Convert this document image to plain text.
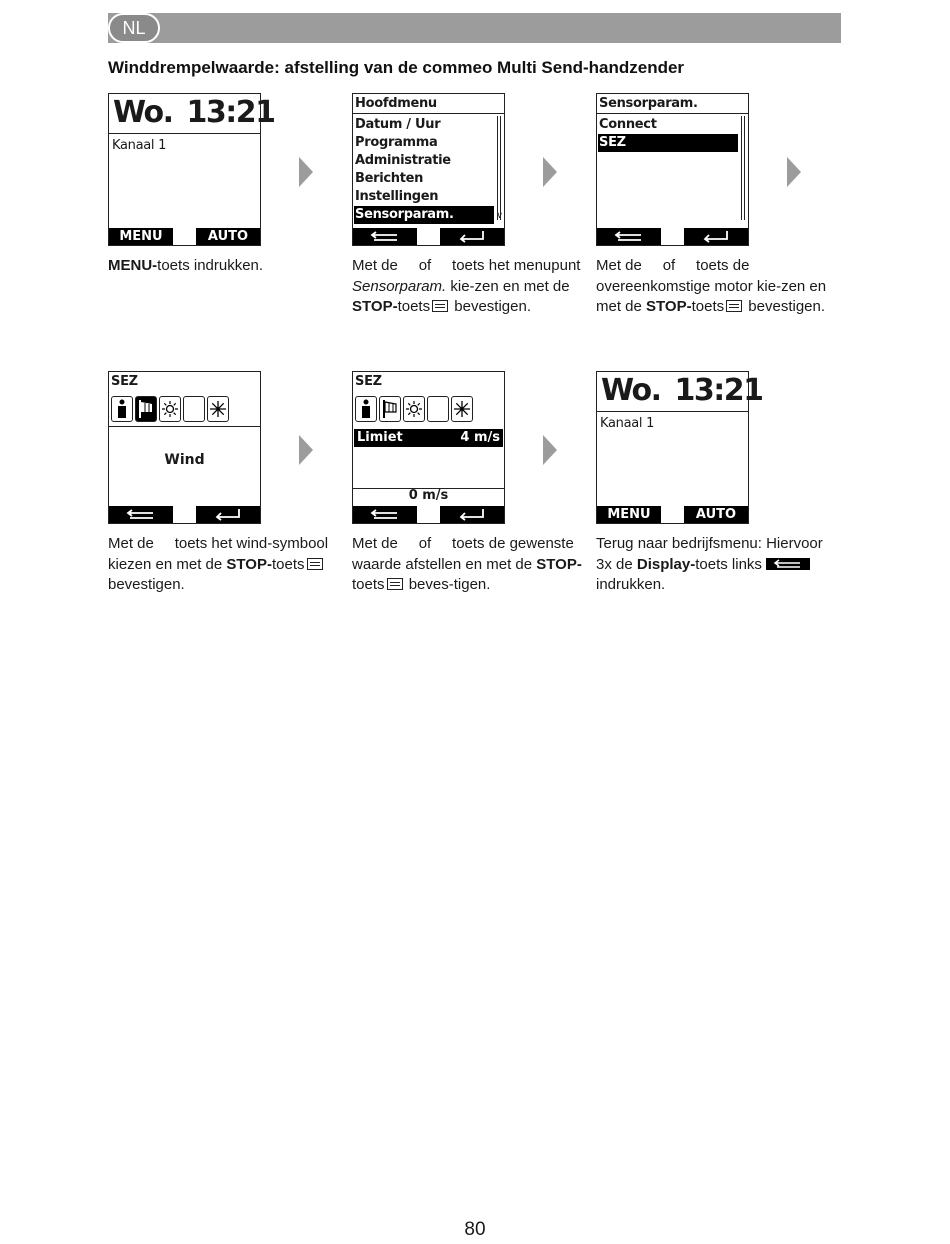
NL
Winddrempelwaarde: afstelling van de commeo Multi Send-handzender
Wo. 13:21
Kanaal 1
MENU	AUTO
Hoofdmenu
Datum / Uur
Programma
Administratie
Berichten
Instellingen
Sensorparam.	∨
Sensorparam.
Connect
SEZ
MENU-toets indrukken.	Met de     of     toets het menupunt Sensorparam. kie-zen en met de STOP-toets bevestigen.
Met de     of     toets de overeenkomstige motor kie-zen en met de STOP-toets bevestigen.
SEZ
Wind
SEZ
Limiet	4 m/s
0 m/s
Wo. 13:21
Kanaal 1
MENU	AUTO
Met de     toets het wind-symbool kiezen en met de STOP-toets bevestigen.
Met de     of     toets de gewenste waarde afstellen en met de STOP-toets beves-tigen.
Terug naar bedrijfsmenu: Hiervoor 3x de Display-toets links
indrukken.
80
